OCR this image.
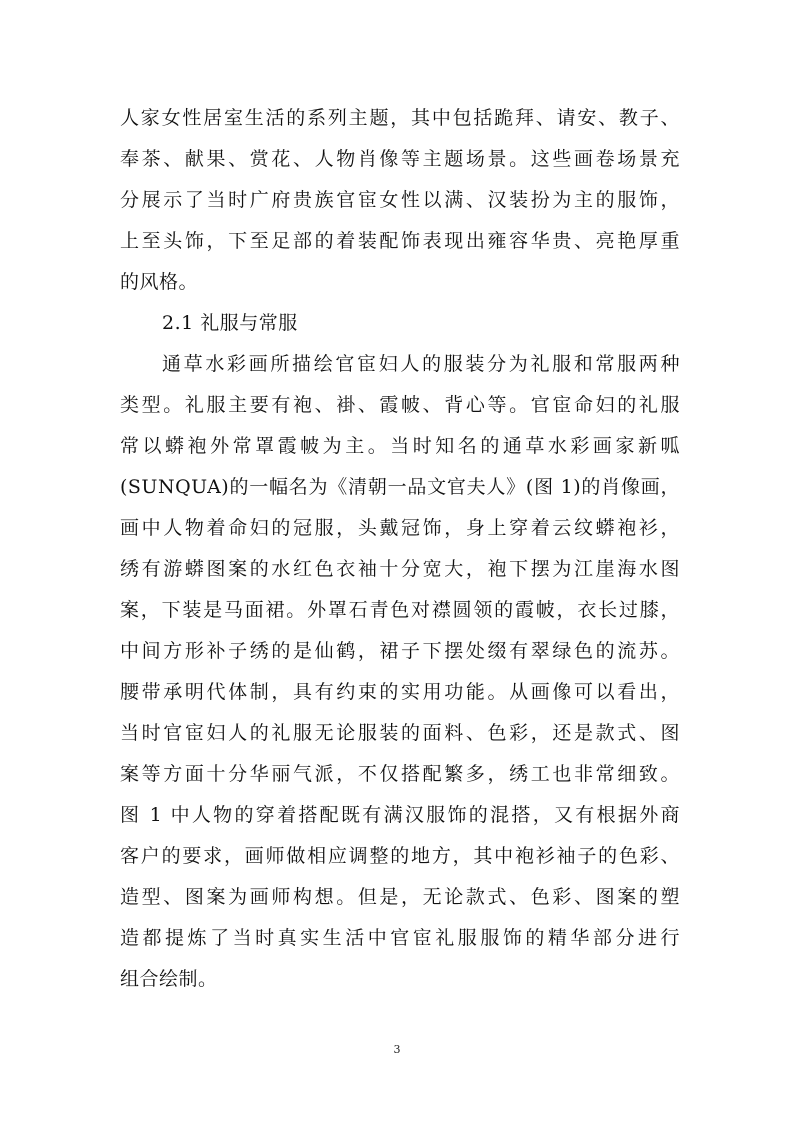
人家女性居室生活的系列主题，其中包括跪拜、请安、教子、
奉茶、献果、赏花、人物肖像等主题场景。这些画卷场景充
分展示了当时广府贵族官宦女性以满、汉装扮为主的服饰，
上至头饰，下至足部的着装配饰表现出雍容华贵、亮艳厚重
的风格。
2.1 礼服与常服
通草水彩画所描绘官宦妇人的服装分为礼服和常服两种
类型。礼服主要有袍、褂、霞帔、背心等。官宦命妇的礼服
常以蟒袍外常罩霞帔为主。当时知名的通草水彩画家新呱
(SUNQUA)的一幅名为《清朝一品文官夫人》(图 1)的肖像画，
画中人物着命妇的冠服，头戴冠饰，身上穿着云纹蟒袍衫，
绣有游蟒图案的水红色衣袖十分宽大，袍下摆为江崖海水图
案，下装是马面裙。外罩石青色对襟圆领的霞帔，衣长过膝，
中间方形补子绣的是仙鹤，裙子下摆处缀有翠绿色的流苏。
腰带承明代体制，具有约束的实用功能。从画像可以看出，
当时官宦妇人的礼服无论服装的面料、色彩，还是款式、图
案等方面十分华丽气派，不仅搭配繁多，绣工也非常细致。
图 1 中人物的穿着搭配既有满汉服饰的混搭，又有根据外商
客户的要求，画师做相应调整的地方，其中袍衫袖子的色彩、
造型、图案为画师构想。但是，无论款式、色彩、图案的塑
造都提炼了当时真实生活中官宦礼服服饰的精华部分进行
组合绘制。
3
